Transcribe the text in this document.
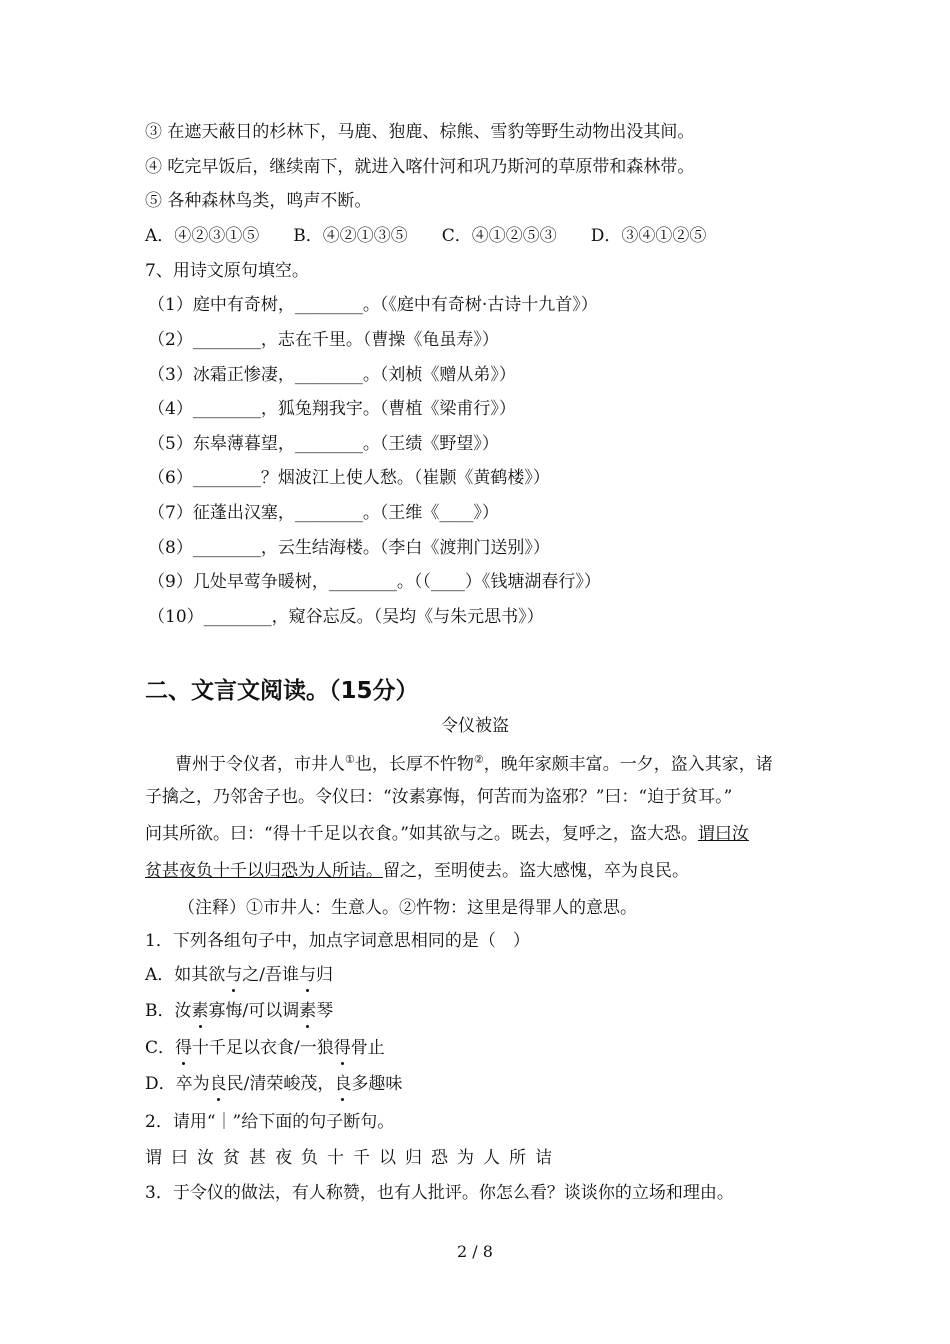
③ 在遮天蔽日的杉林下，马鹿、狍鹿、棕熊、雪豹等野生动物出没其间。
④ 吃完早饭后，继续南下，就进入喀什河和巩乃斯河的草原带和森林带。
⑤ 各种森林鸟类，鸣声不断。
A．④②③①⑤　　B．④②①③⑤　　C．④①②⑤③　　D．③④①②⑤
7、用诗文原句填空。
（1）庭中有奇树，________。（《庭中有奇树·古诗十九首》）
（2）________，志在千里。（曹操《龟虽寿》）
（3）冰霜正惨凄，________。（刘桢《赠从弟》）
（4）________，狐兔翔我宇。（曹植《梁甫行》）
（5）东皋薄暮望，________。（王绩《野望》）
（6）________？烟波江上使人愁。（崔颢《黄鹤楼》）
（7）征蓬出汉塞，________。（王维《____》）
（8）________，云生结海楼。（李白《渡荆门送别》）
（9）几处早莺争暖树，________。（（____）《钱塘湖春行》）
（10）________，窥谷忘反。（吴均《与朱元思书》）
二、文言文阅读。（15分）
令仪被盗
曹州于令仪者，市井人①也，长厚不忤物②，晚年家颇丰富。一夕，盗入其家，诸
子擒之，乃邻舍子也。令仪曰：“汝素寡悔，何苦而为盗邪？”曰：“迫于贫耳。”
问其所欲。曰：“得十千足以衣食。”如其欲与之。既去，复呼之，盗大恐。谓曰汝
贫甚夜负十千以归恐为人所诘。留之，至明使去。盗大感愧，卒为良民。
（注释）①市井人：生意人。②忤物：这里是得罪人的意思。
1．下列各组句子中，加点字词意思相同的是（　）
A．如其欲与之/吾谁与归
B．汝素寡悔/可以调素琴
C．得十千足以衣食/一狼得骨止
D．卒为良民/清荣峻茂，良多趣味
2．请用“｜”给下面的句子断句。
谓曰汝贫甚夜负十千以归恐为人所诘
3．于令仪的做法，有人称赞，也有人批评。你怎么看？谈谈你的立场和理由。
2 / 8
